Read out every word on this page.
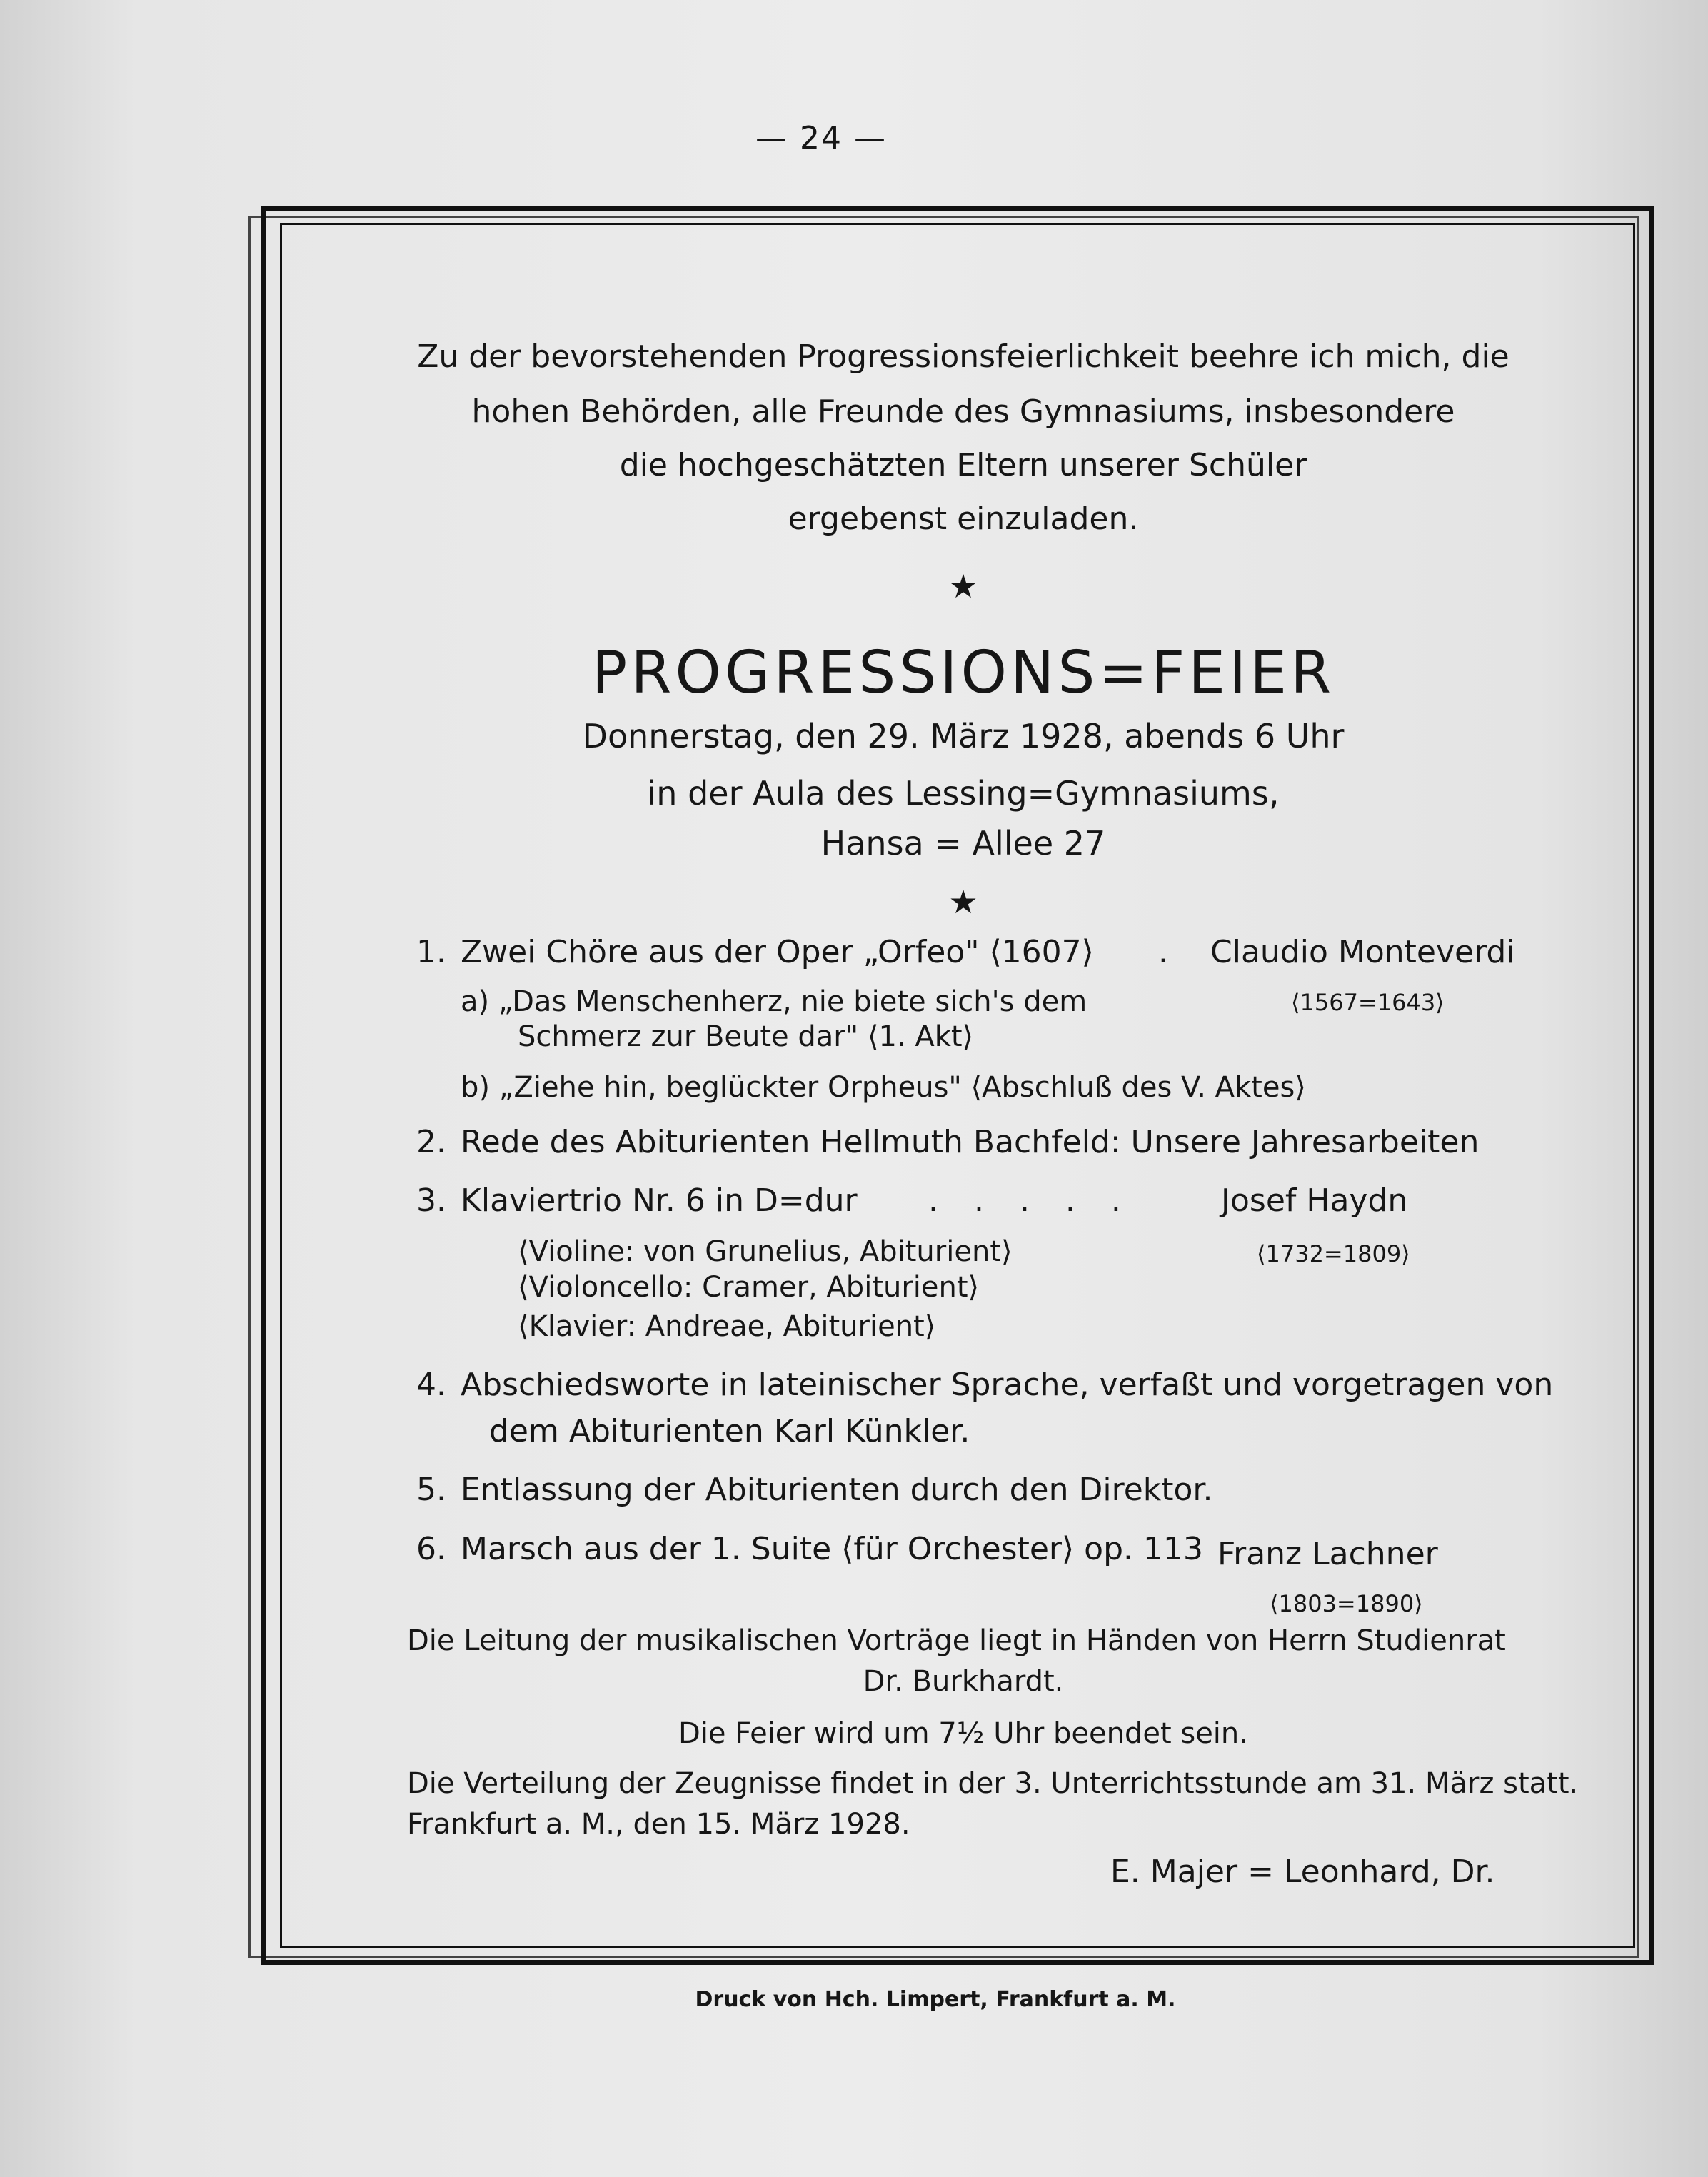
— 24 —
Zu der bevorstehenden Progressionsfeierlichkeit beehre ich mich, die
hohen Behörden, alle Freunde des Gymnasiums, insbesondere
die hochgeschätzten Eltern unserer Schüler
ergebenst einzuladen.
★
PROGRESSIONS=FEIER
Donnerstag, den 29. März 1928, abends 6 Uhr
in der Aula des Lessing=Gymnasiums,
Hansa = Allee 27
★
1. Zwei Chöre aus der Oper „Orfeo" ⟨1607⟩ . Claudio Monteverdi
⟨1567=1643⟩
a) „Das Menschenherz, nie biete sich's dem
Schmerz zur Beute dar" ⟨1. Akt⟩
b) „Ziehe hin, beglückter Orpheus" ⟨Abschluß des V. Aktes⟩
2. Rede des Abiturienten Hellmuth Bachfeld: Unsere Jahresarbeiten
3. Klaviertrio Nr. 6 in D=dur . . . . .	Josef Haydn
⟨1732=1809⟩
⟨Violine: von Grunelius, Abiturient⟩
⟨Violoncello: Cramer, Abiturient⟩
⟨Klavier: Andreae, Abiturient⟩
4. Abschiedsworte in lateinischer Sprache, verfaßt und vorgetragen von
dem Abiturienten Karl Künkler.
5. Entlassung der Abiturienten durch den Direktor.
6. Marsch aus der 1. Suite ⟨für Orchester⟩ op. 113 Franz Lachner
⟨1803=1890⟩
Die Leitung der musikalischen Vorträge liegt in Händen von Herrn Studienrat
Dr. Burkhardt.
Die Feier wird um 7½ Uhr beendet sein.
Die Verteilung der Zeugnisse findet in der 3. Unterrichtsstunde am 31. März statt.
Frankfurt a. M., den 15. März 1928.
E. Majer = Leonhard, Dr.
Druck von Hch. Limpert, Frankfurt a. M.
